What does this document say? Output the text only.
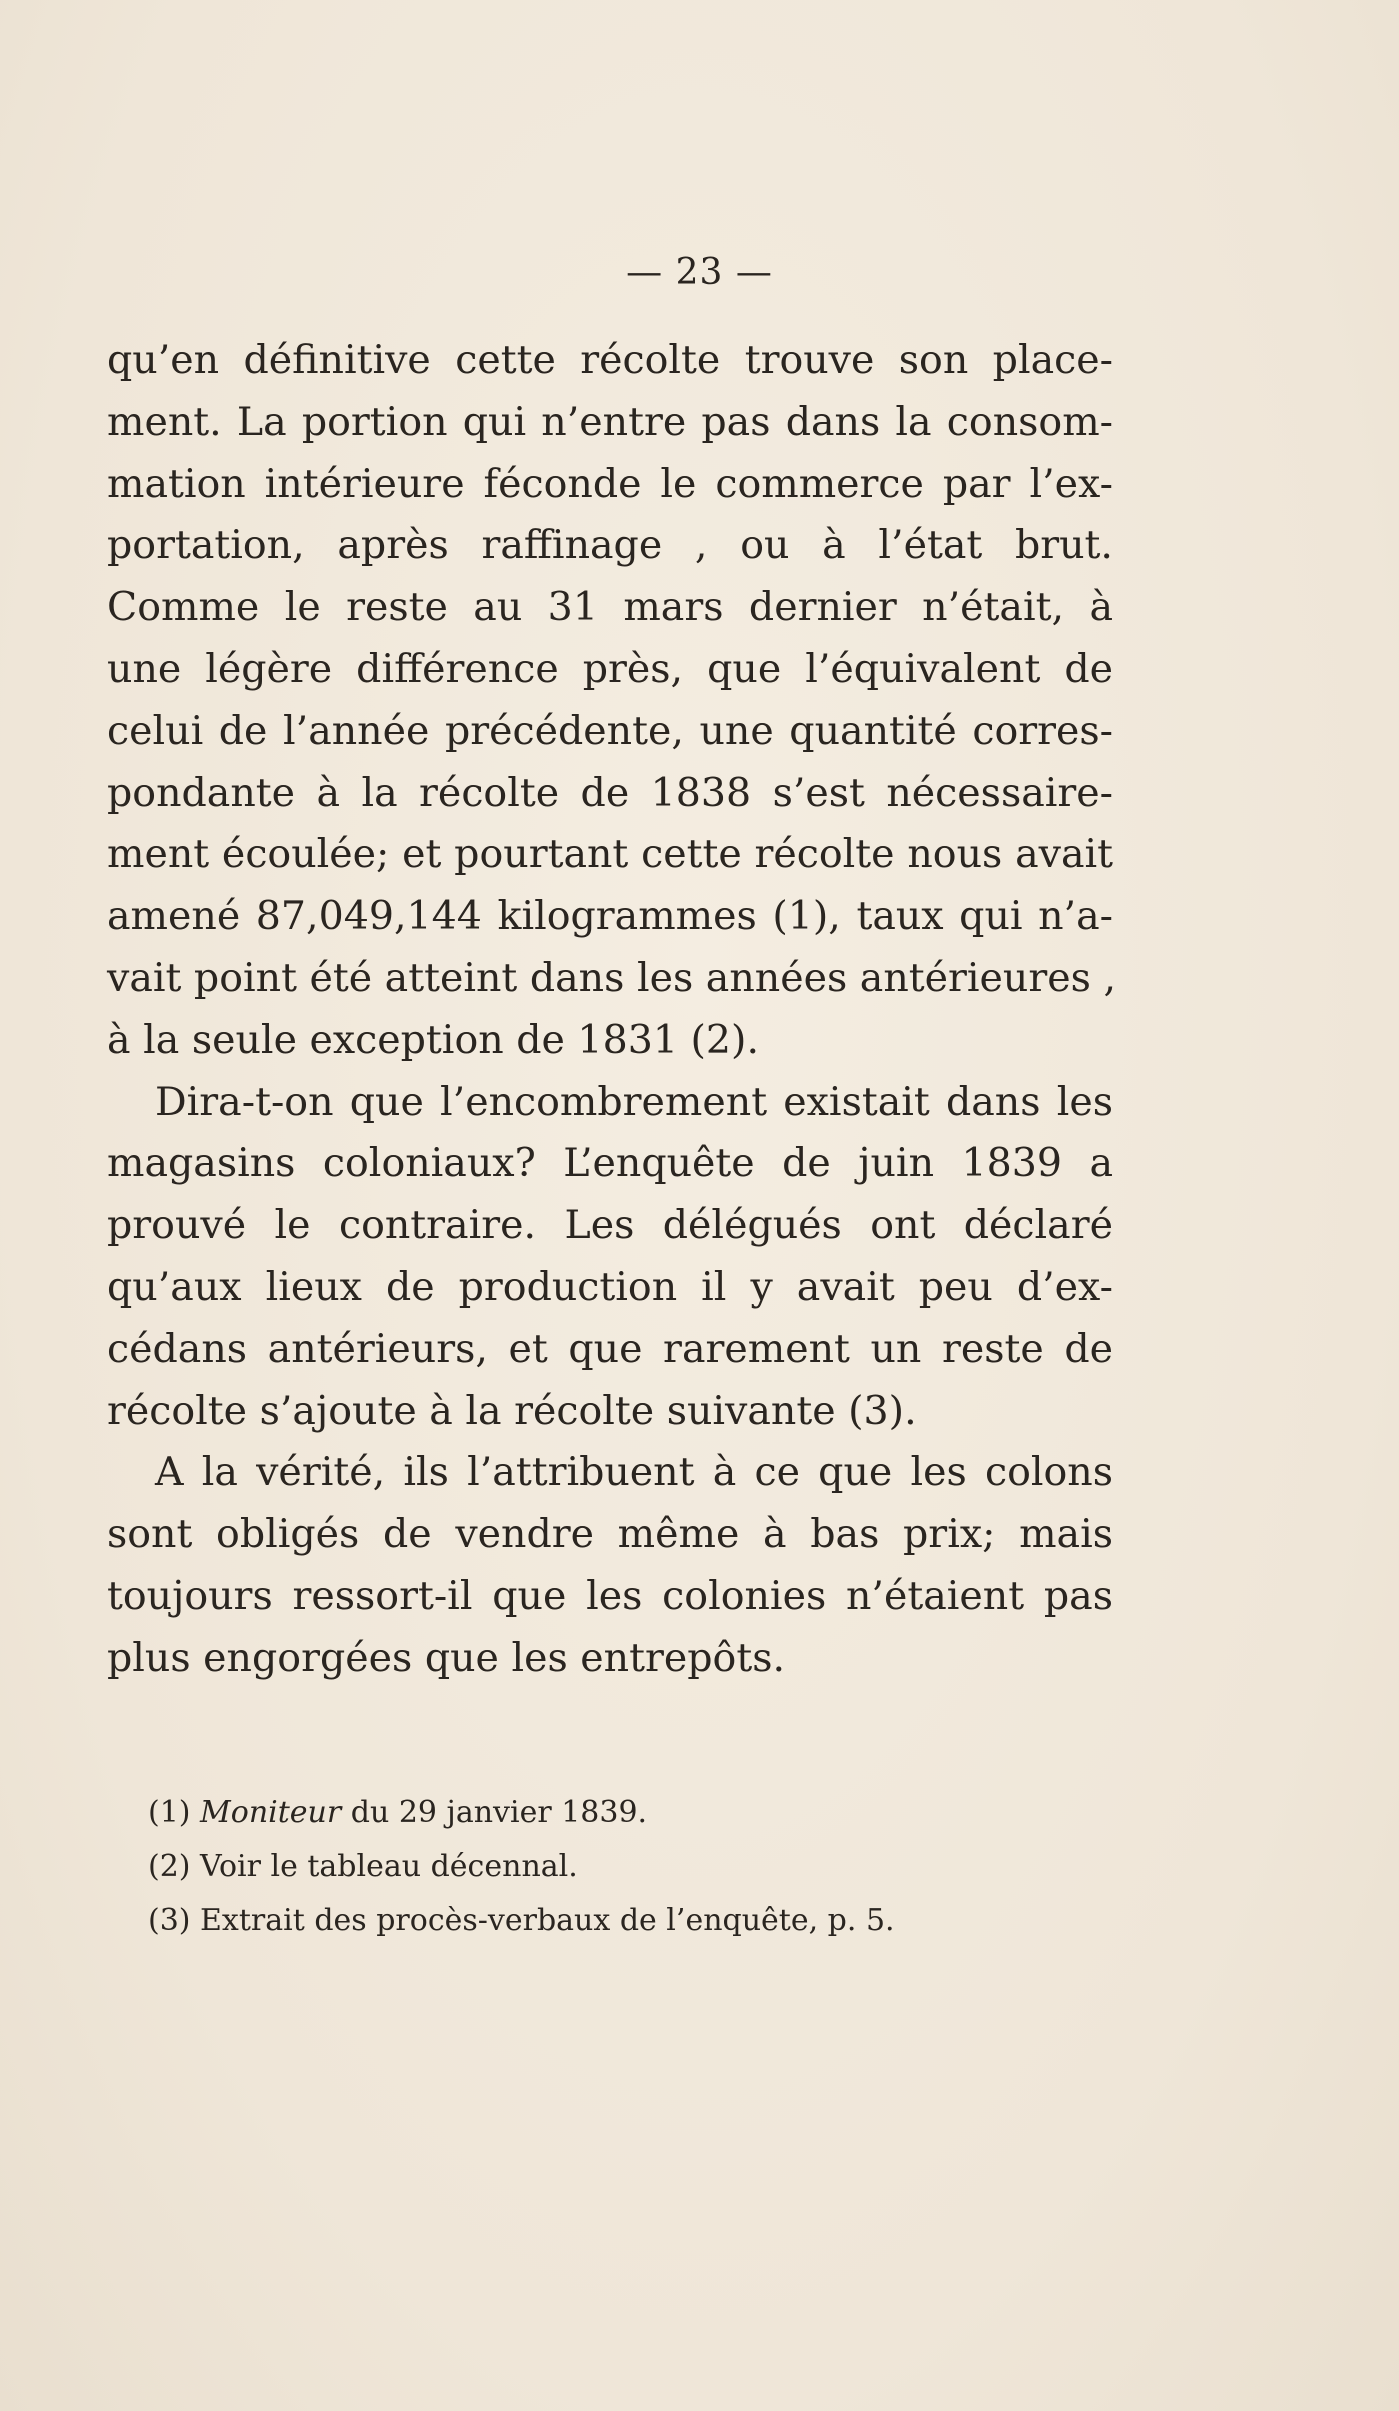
— 23 —
qu’en définitive cette récolte trouve son place-
ment. La portion qui n’entre pas dans la consom-
mation intérieure féconde le commerce par l’ex-
portation, après raffinage , ou à l’état brut.
Comme le reste au 31 mars dernier n’était, à
une légère différence près, que l’équivalent de
celui de l’année précédente, une quantité corres-
pondante à la récolte de 1838 s’est nécessaire-
ment écoulée; et pourtant cette récolte nous avait
amené 87,049,144 kilogrammes (1), taux qui n’a-
vait point été atteint dans les années antérieures ,
à la seule exception de 1831 (2).
Dira-t-on que l’encombrement existait dans les
magasins coloniaux? L’enquête de juin 1839 a
prouvé le contraire. Les délégués ont déclaré
qu’aux lieux de production il y avait peu d’ex-
cédans antérieurs, et que rarement un reste de
récolte s’ajoute à la récolte suivante (3).
A la vérité, ils l’attribuent à ce que les colons
sont obligés de vendre même à bas prix; mais
toujours ressort-il que les colonies n’étaient pas
plus engorgées que les entrepôts.
(1) Moniteur du 29 janvier 1839.
(2) Voir le tableau décennal.
(3) Extrait des procès-verbaux de l’enquête, p. 5.
